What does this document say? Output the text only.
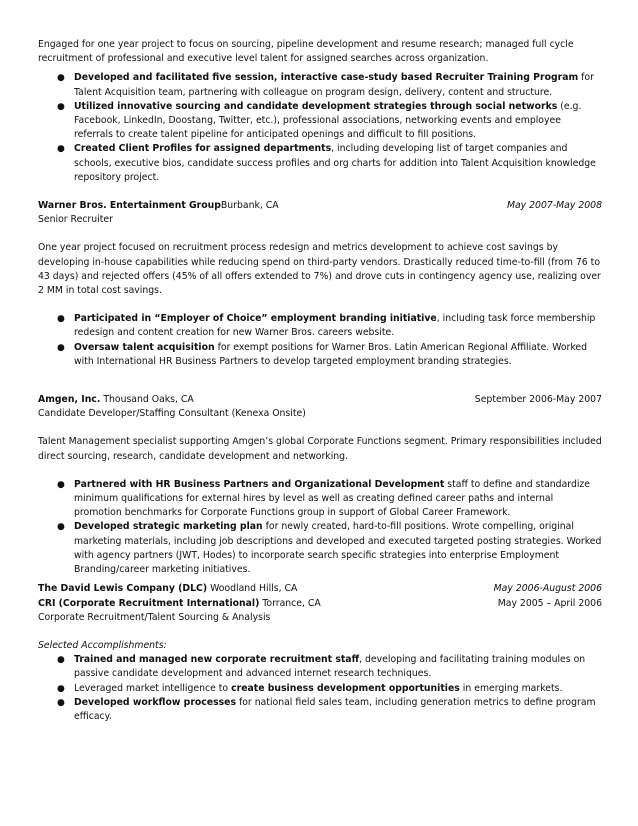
Engaged for one year project to focus on sourcing, pipeline development and resume research; managed full cycle recruitment of professional and executive level talent for assigned searches across organization.

● Developed and facilitated five session, interactive case-study based Recruiter Training Program for Talent Acquisition team, partnering with colleague on program design, delivery, content and structure.
● Utilized innovative sourcing and candidate development strategies through social networks (e.g. Facebook, LinkedIn, Doostang, Twitter, etc.), professional associations, networking events and employee referrals to create talent pipeline for anticipated openings and difficult to fill positions.
● Created Client Profiles for assigned departments, including developing list of target companies and schools, executive bios, candidate success profiles and org charts for addition into Talent Acquisition knowledge repository project.
Warner Bros. Entertainment GroupBurbank, CA	May 2007-May 2008

Senior Recruiter

One year project focused on recruitment process redesign and metrics development to achieve cost savings by developing in-house capabilities while reducing spend on third-party vendors. Drastically reduced time-to-fill (from 76 to 43 days) and rejected offers (45% of all offers extended to 7%) and drove cuts in contingency agency use, realizing over 2 MM in total cost savings.

● Participated in “Employer of Choice” employment branding initiative, including task force membership redesign and content creation for new Warner Bros. careers website.
● Oversaw talent acquisition for exempt positions for Warner Bros. Latin American Regional Affiliate. Worked with International HR Business Partners to develop targeted employment branding strategies.
Amgen, Inc. Thousand Oaks, CA	September 2006-May 2007

Candidate Developer/Staffing Consultant (Kenexa Onsite)

Talent Management specialist supporting Amgen’s global Corporate Functions segment. Primary responsibilities included direct sourcing, research, candidate development and networking.

● Partnered with HR Business Partners and Organizational Development staff to define and standardize minimum qualifications for external hires by level as well as creating defined career paths and internal promotion benchmarks for Corporate Functions group in support of Global Career Framework.
● Developed strategic marketing plan for newly created, hard-to-fill positions. Wrote compelling, original marketing materials, including job descriptions and developed and executed targeted posting strategies. Worked with agency partners (JWT, Hodes) to incorporate search specific strategies into enterprise Employment Branding/career marketing initiatives.
The David Lewis Company (DLC) Woodland Hills, CA	May 2006-August 2006
CRI (Corporate Recruitment International) Torrance, CA	May 2005 – April 2006

Corporate Recruitment/Talent Sourcing & Analysis

Selected Accomplishments:

● Trained and managed new corporate recruitment staff, developing and facilitating training modules on passive candidate development and advanced internet research techniques.
● Leveraged market intelligence to create business development opportunities in emerging markets.
● Developed workflow processes for national field sales team, including generation metrics to define program efficacy.
